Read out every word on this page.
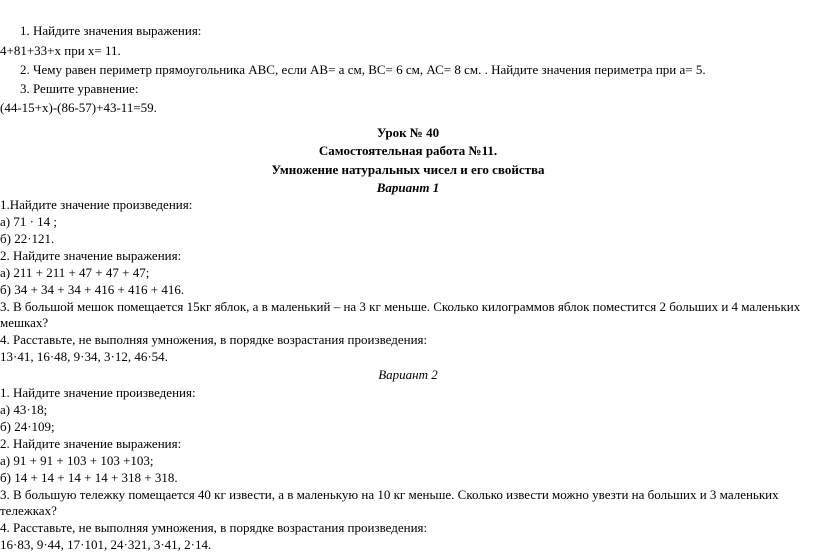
1. Найдите значения выражения:
4+81+33+х при х= 11.
2. Чему равен периметр прямоугольника АВС, если АВ= а см, ВС= 6 см, АС= 8 см. . Найдите значения периметра при а= 5.
3. Решите уравнение:
(44-15+х)-(86-57)+43-11=59.
Урок № 40
Самостоятельная работа №11.
Умножение натуральных чисел и его свойства
Вариант 1
1.Найдите значение произведения:
а) 71 · 14 ;
б) 22·121.
2. Найдите значение выражения:
а) 211 + 211 + 47 + 47 + 47;
б) 34 + 34 + 34 + 416 + 416 + 416.
3. В большой мешок помещается 15кг яблок, а в маленький – на 3 кг меньше. Сколько килограммов яблок поместится 2 больших и 4 маленьких
мешках?
4. Расставьте, не выполняя умножения, в порядке возрастания произведения:
13·41, 16·48, 9·34, 3·12, 46·54.
Вариант 2
1. Найдите значение произведения:
а) 43·18;
б) 24·109;
2. Найдите значение выражения:
а) 91 + 91 + 103 + 103 +103;
б) 14 + 14 + 14 + 14 + 318 + 318.
3. В большую тележку помещается 40 кг извести, а в маленькую на 10 кг меньше. Сколько извести можно увезти на больших и 3 маленьких
тележках?
4. Расставьте, не выполняя умножения, в порядке возрастания произведения:
16·83, 9·44, 17·101, 24·321, 3·41, 2·14.
